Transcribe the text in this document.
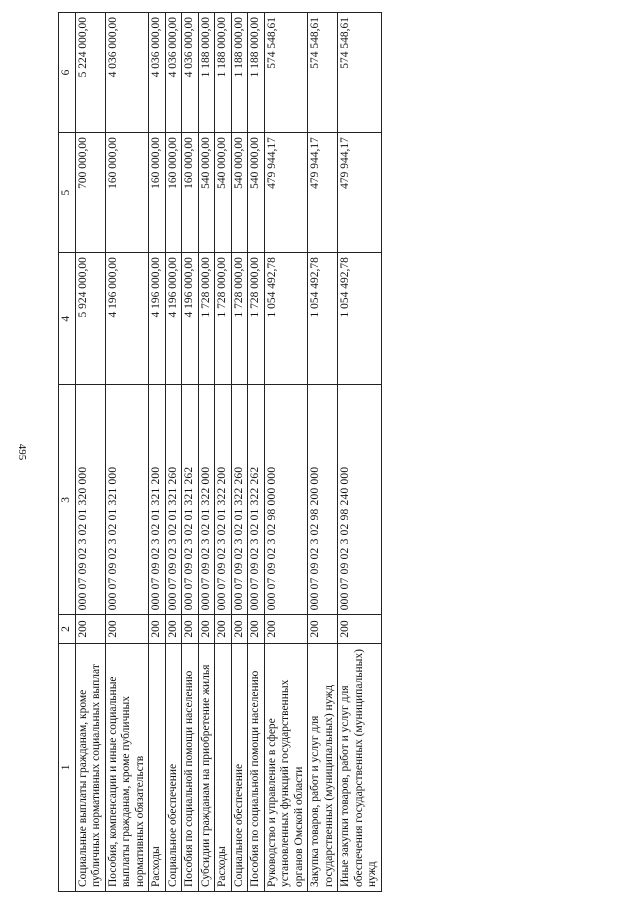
495
1	2	3	4	5	6
Социальные выплаты гражданам, кроме публичных нормативных социальных выплат	200	000 07 09 02 3 02 01 320 000	5 924 000,00	700 000,00	5 224 000,00
Пособия, компенсации и иные социальные выплаты гражданам, кроме публичных нормативных обязательств	200	000 07 09 02 3 02 01 321 000	4 196 000,00	160 000,00	4 036 000,00
Расходы	200	000 07 09 02 3 02 01 321 200	4 196 000,00	160 000,00	4 036 000,00
Социальное обеспечение	200	000 07 09 02 3 02 01 321 260	4 196 000,00	160 000,00	4 036 000,00
Пособия по социальной помощи населению	200	000 07 09 02 3 02 01 321 262	4 196 000,00	160 000,00	4 036 000,00
Субсидии гражданам на приобретение жилья	200	000 07 09 02 3 02 01 322 000	1 728 000,00	540 000,00	1 188 000,00
Расходы	200	000 07 09 02 3 02 01 322 200	1 728 000,00	540 000,00	1 188 000,00
Социальное обеспечение	200	000 07 09 02 3 02 01 322 260	1 728 000,00	540 000,00	1 188 000,00
Пособия по социальной помощи населению	200	000 07 09 02 3 02 01 322 262	1 728 000,00	540 000,00	1 188 000,00
Руководство и управление в сфере установленных функций государственных органов Омской области	200	000 07 09 02 3 02 98 000 000	1 054 492,78	479 944,17	574 548,61
Закупка товаров, работ и услуг для государственных (муниципальных) нужд	200	000 07 09 02 3 02 98 200 000	1 054 492,78	479 944,17	574 548,61
Иные закупки товаров, работ и услуг для обеспечения государственных (муниципальных) нужд	200	000 07 09 02 3 02 98 240 000	1 054 492,78	479 944,17	574 548,61
